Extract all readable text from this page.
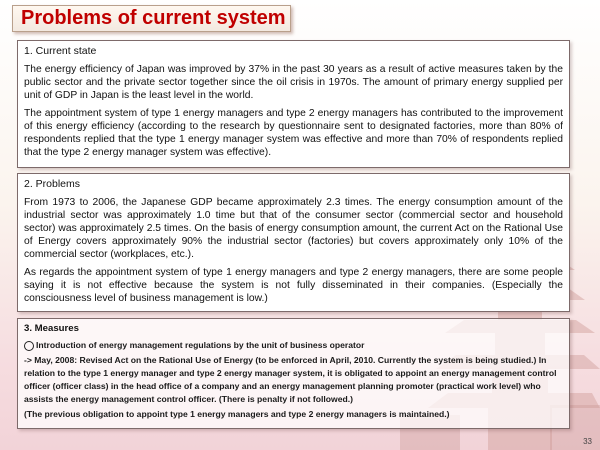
Problems of current system

1. Current state

The energy efficiency of Japan was improved by 37% in the past 30 years as a result of active measures taken by the public sector and the private sector together since the oil crisis in 1970s. The amount of primary energy supplied per unit of GDP in Japan is the least level in the world.

The appointment system of type 1 energy managers and type 2 energy managers has contributed to the improvement of this energy efficiency (according to the research by questionnaire sent to designated factories, more than 80% of respondents replied that the type 1 energy manager system was effective and more than 70% of respondents replied that the type 2 energy manager system was effective).

2. Problems

From 1973 to 2006, the Japanese GDP became approximately 2.3 times. The energy consumption amount of the industrial sector was approximately 1.0 time but that of the consumer sector (commercial sector and household sector) was approximately 2.5 times. On the basis of energy consumption amount, the current Act on the Rational Use of Energy covers approximately 90% the industrial sector (factories) but covers approximately only 10% of the commercial sector (workplaces, etc.).

As regards the appointment system of type 1 energy managers and type 2 energy managers, there are some people saying it is not effective because the system is not fully disseminated in their companies. (Especially the consciousness level of business management is low.)

3. Measures

Introduction of energy management regulations by the unit of business operator

-> May, 2008: Revised Act on the Rational Use of Energy (to be enforced in April, 2010. Currently the system is being studied.) In relation to the type 1 energy manager and type 2 energy manager system, it is obligated to appoint an energy management control officer (officer class) in the head office of a company and an energy management planning promoter (practical work level) who assists the energy management control officer. (There is penalty if not followed.)

(The previous obligation to appoint type 1 energy managers and type 2 energy managers is maintained.)

33
